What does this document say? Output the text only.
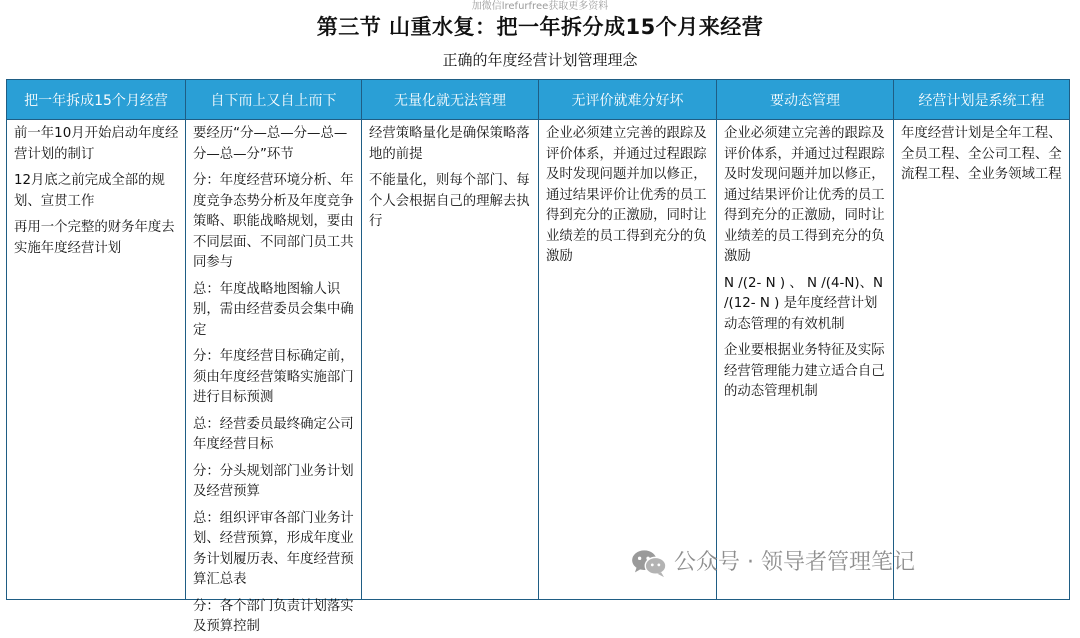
加微信lrefurfree获取更多资料
第三节 山重水复：把一年拆分成15个月来经营
正确的年度经营计划管理理念
把一年拆成15个月经营

前一年10月开始启动年度经营计划的制订

12月底之前完成全部的规划、宣贯工作

再用一个完整的财务年度去实施年度经营计划

自下而上又自上而下

要经历“分—总—分—总—分—总—分”环节

分：年度经营环境分析、年度竞争态势分析及年度竞争策略、职能战略规划，要由不同层面、不同部门员工共同参与

总：年度战略地图输人识别，需由经营委员会集中确定

分：年度经营目标确定前，须由年度经营策略实施部门进行目标预测

总：经营委员最终确定公司年度经营目标

分：分头规划部门业务计划及经营预算

总：组织评审各部门业务计划、经营预算，形成年度业务计划履历表、年度经营预算汇总表

分：各个部门负责计划落实及预算控制

无量化就无法管理

经营策略量化是确保策略落地的前提

不能量化，则每个部门、每个人会根据自己的理解去执行

无评价就难分好坏

企业必须建立完善的跟踪及评价体系，并通过过程跟踪及时发现问题并加以修正，通过结果评价让优秀的员工得到充分的正激励，同时让业绩差的员工得到充分的负激励

要动态管理

企业必须建立完善的跟踪及评价体系，并通过过程跟踪及时发现问题并加以修正，通过结果评价让优秀的员工得到充分的正激励，同时让业绩差的员工得到充分的负激励

N /(2- N ) 、 N /(4-N)、N /(12- N ) 是年度经营计划动态管理的有效机制

企业要根据业务特征及实际经营管理能力建立适合自己的动态管理机制

经营计划是系统工程

年度经营计划是全年工程、全员工程、全公司工程、全流程工程、全业务领域工程

公众号 · 领导者管理笔记
